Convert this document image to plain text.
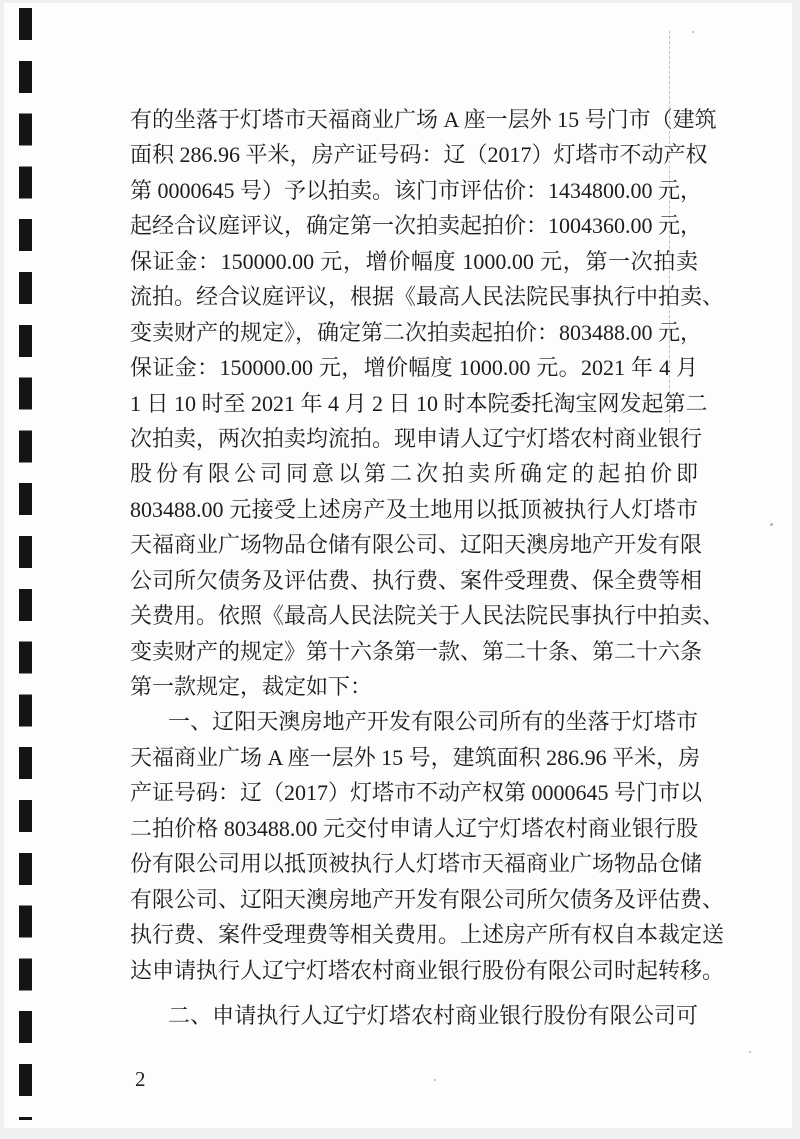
有的坐落于灯塔市天福商业广场 A 座一层外 15 号门市（建筑
面积 286.96 平米，房产证号码：辽（2017）灯塔市不动产权
第 0000645 号）予以拍卖。该门市评估价：1434800.00 元，
起经合议庭评议，确定第一次拍卖起拍价：1004360.00 元，
保证金：150000.00 元，增价幅度 1000.00 元，第一次拍卖
流拍。经合议庭评议，根据《最高人民法院民事执行中拍卖、
变卖财产的规定》，确定第二次拍卖起拍价：803488.00 元，
保证金：150000.00 元，增价幅度 1000.00 元。2021 年 4 月
1 日 10 时至 2021 年 4 月 2 日 10 时本院委托淘宝网发起第二
次拍卖，两次拍卖均流拍。现申请人辽宁灯塔农村商业银行
股份有限公司同意以第二次拍卖所确定的起拍价即
803488.00 元接受上述房产及土地用以抵顶被执行人灯塔市
天福商业广场物品仓储有限公司、辽阳天澳房地产开发有限
公司所欠债务及评估费、执行费、案件受理费、保全费等相
关费用。依照《最高人民法院关于人民法院民事执行中拍卖、
变卖财产的规定》第十六条第一款、第二十条、第二十六条
第一款规定，裁定如下：
一、辽阳天澳房地产开发有限公司所有的坐落于灯塔市
天福商业广场 A 座一层外 15 号，建筑面积 286.96 平米，房
产证号码：辽（2017）灯塔市不动产权第 0000645 号门市以
二拍价格 803488.00 元交付申请人辽宁灯塔农村商业银行股
份有限公司用以抵顶被执行人灯塔市天福商业广场物品仓储
有限公司、辽阳天澳房地产开发有限公司所欠债务及评估费、
执行费、案件受理费等相关费用。上述房产所有权自本裁定送
达申请执行人辽宁灯塔农村商业银行股份有限公司时起转移。
二、申请执行人辽宁灯塔农村商业银行股份有限公司可
2
